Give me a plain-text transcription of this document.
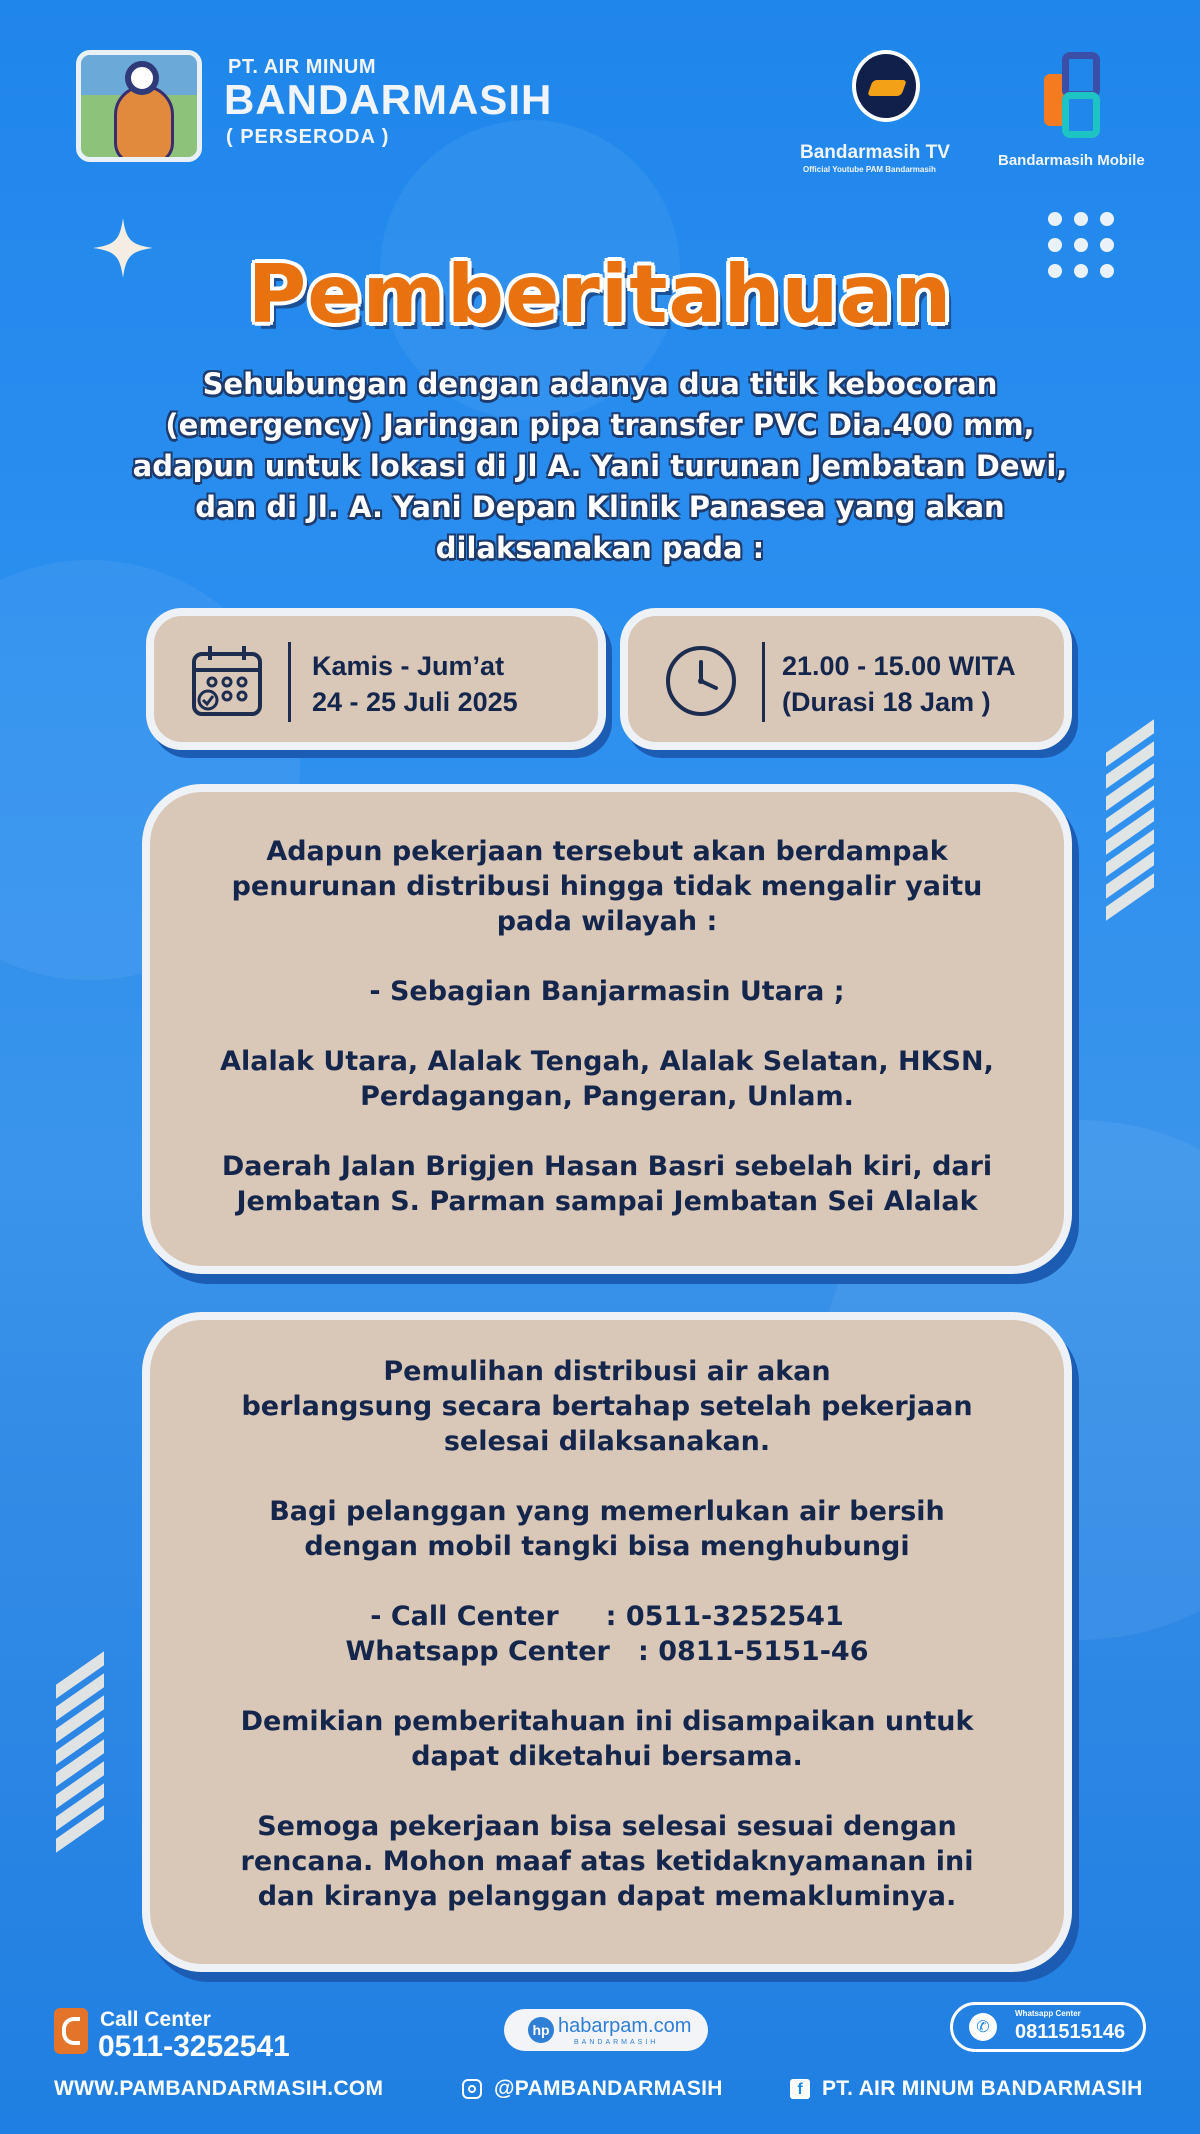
PT. AIR MINUM
BANDARMASIH
( PERSERODA )
Bandarmasih TV
Official Youtube PAM Bandarmasih
Bandarmasih Mobile
Pemberitahuan
Sehubungan dengan adanya dua titik kebocoran (emergency) Jaringan pipa transfer PVC Dia.400 mm, adapun untuk lokasi di Jl A. Yani turunan Jembatan Dewi, dan di Jl. A. Yani Depan Klinik Panasea yang akan dilaksanakan pada :
Kamis - Jum’at
24 - 25 Juli 2025
21.00 - 15.00 WITA
(Durasi 18 Jam )

Adapun pekerjaan tersebut akan berdampak penurunan distribusi hingga tidak mengalir yaitu pada wilayah :

- Sebagian Banjarmasin Utara ;

Alalak Utara, Alalak Tengah, Alalak Selatan, HKSN, Perdagangan, Pangeran, Unlam.

Daerah Jalan Brigjen Hasan Basri sebelah kiri, dari Jembatan S. Parman sampai Jembatan Sei Alalak

Pemulihan distribusi air akan

berlangsung secara bertahap setelah pekerjaan selesai dilaksanakan.

Bagi pelanggan yang memerlukan air bersih dengan mobil tangki bisa menghubungi

- Call Center     : 0511-3252541

Whatsapp Center   : 0811-5151-46

Demikian pemberitahuan ini disampaikan untuk dapat diketahui bersama.

Semoga pekerjaan bisa selesai sesuai dengan rencana. Mohon maaf atas ketidaknyamanan ini dan kiranya pelanggan dapat memakluminya.

Call Center
0511-3252541	hp habarpam.com
BANDARMASIH
✆
Whatsapp Center
0811515146
WWW.PAMBANDARMASIH.COM	@PAMBANDARMASIH	f PT. AIR MINUM BANDARMASIH
